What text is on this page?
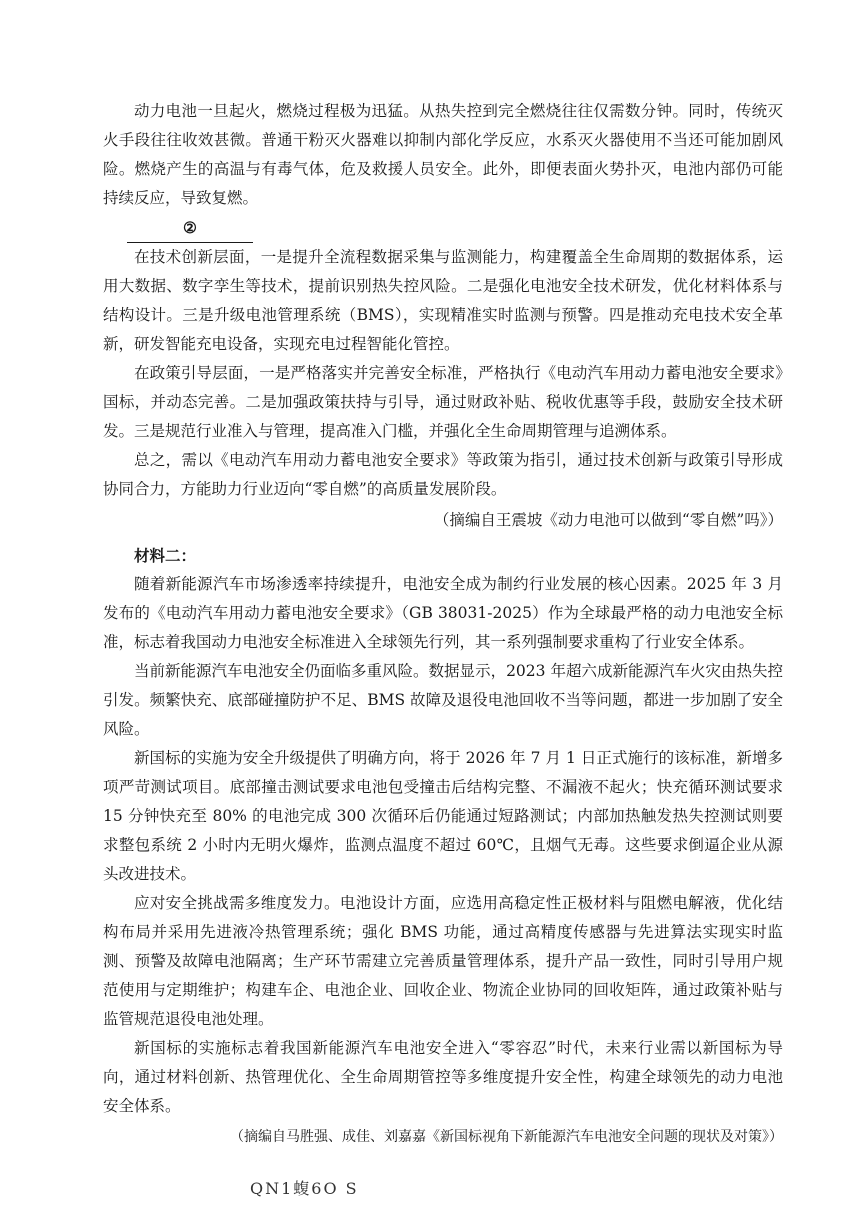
动力电池一旦起火，燃烧过程极为迅猛。从热失控到完全燃烧往往仅需数分钟。同时，传统灭火手段往往收效甚微。普通干粉灭火器难以抑制内部化学反应，水系灭火器使用不当还可能加剧风险。燃烧产生的高温与有毒气体，危及救援人员安全。此外，即便表面火势扑灭，电池内部仍可能持续反应，导致复燃。

②

在技术创新层面，一是提升全流程数据采集与监测能力，构建覆盖全生命周期的数据体系，运用大数据、数字孪生等技术，提前识别热失控风险。二是强化电池安全技术研发，优化材料体系与结构设计。三是升级电池管理系统（BMS），实现精准实时监测与预警。四是推动充电技术安全革新，研发智能充电设备，实现充电过程智能化管控。

在政策引导层面，一是严格落实并完善安全标准，严格执行《电动汽车用动力蓄电池安全要求》国标，并动态完善。二是加强政策扶持与引导，通过财政补贴、税收优惠等手段，鼓励安全技术研发。三是规范行业准入与管理，提高准入门槛，并强化全生命周期管理与追溯体系。

总之，需以《电动汽车用动力蓄电池安全要求》等政策为指引，通过技术创新与政策引导形成协同合力，方能助力行业迈向“零自燃”的高质量发展阶段。

（摘编自王震坡《动力电池可以做到“零自燃”吗》）
材料二：

随着新能源汽车市场渗透率持续提升，电池安全成为制约行业发展的核心因素。2025 年 3 月发布的《电动汽车用动力蓄电池安全要求》（GB 38031-2025）作为全球最严格的动力电池安全标准，标志着我国动力电池安全标准进入全球领先行列，其一系列强制要求重构了行业安全体系。

当前新能源汽车电池安全仍面临多重风险。数据显示，2023 年超六成新能源汽车火灾由热失控引发。频繁快充、底部碰撞防护不足、BMS 故障及退役电池回收不当等问题，都进一步加剧了安全风险。

新国标的实施为安全升级提供了明确方向，将于 2026 年 7 月 1 日正式施行的该标准，新增多项严苛测试项目。底部撞击测试要求电池包受撞击后结构完整、不漏液不起火；快充循环测试要求 15 分钟快充至 80% 的电池完成 300 次循环后仍能通过短路测试；内部加热触发热失控测试则要求整包系统 2 小时内无明火爆炸，监测点温度不超过 60℃，且烟气无毒。这些要求倒逼企业从源头改进技术。

应对安全挑战需多维度发力。电池设计方面，应选用高稳定性正极材料与阻燃电解液，优化结构布局并采用先进液冷热管理系统；强化 BMS 功能，通过高精度传感器与先进算法实现实时监测、预警及故障电池隔离；生产环节需建立完善质量管理体系，提升产品一致性，同时引导用户规范使用与定期维护；构建车企、电池企业、回收企业、物流企业协同的回收矩阵，通过政策补贴与监管规范退役电池处理。

新国标的实施标志着我国新能源汽车电池安全进入“零容忍”时代，未来行业需以新国标为导向，通过材料创新、热管理优化、全生命周期管控等多维度提升安全性，构建全球领先的动力电池安全体系。

（摘编自马胜强、成佳、刘嘉嘉《新国标视角下新能源汽车电池安全问题的现状及对策》）
QN1蝮6O S
